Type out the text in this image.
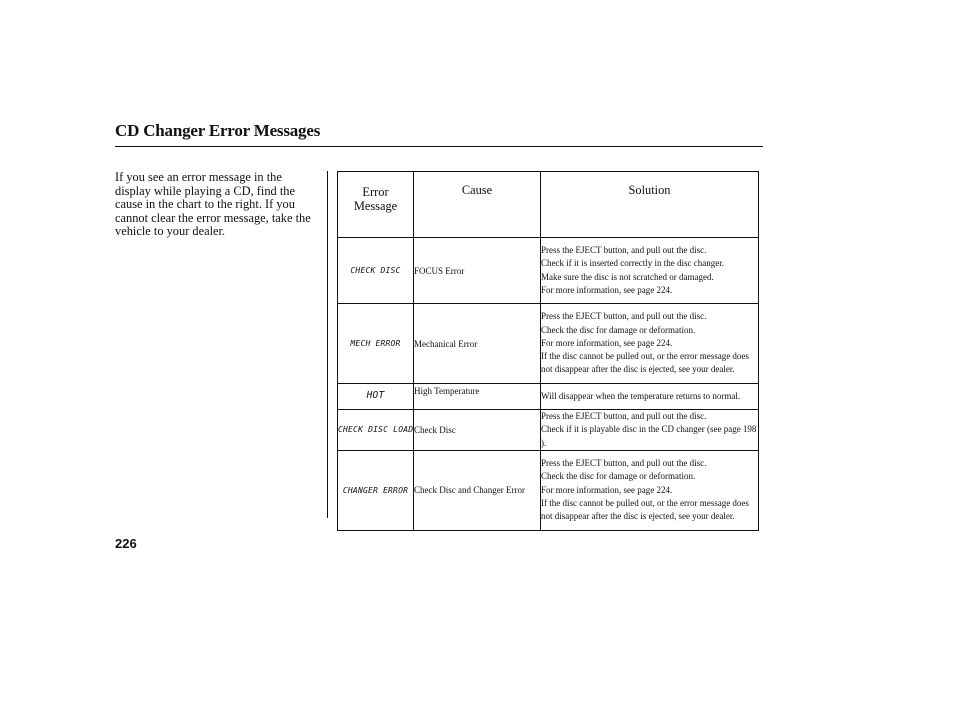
CD Changer Error Messages
If you see an error message in the display while playing a CD, find the cause in the chart to the right. If you cannot clear the error message, take the vehicle to your dealer.
Error
Message	Cause	Solution
CHECK DISC	FOCUS Error	Press the EJECT button, and pull out the disc.
Check if it is inserted correctly in the disc changer.
Make sure the disc is not scratched or damaged.
For more information, see page 224.

MECH ERROR	Mechanical Error	Press the EJECT button, and pull out the disc.
Check the disc for damage or deformation.
For more information, see page 224.
If the disc cannot be pulled out, or the error message does not disappear after the disc is ejected, see your dealer.

HOT	High Temperature	Will disappear when the temperature returns to normal.

CHECK DISC LOAD	Check Disc	Press the EJECT button, and pull out the disc.
Check if it is playable disc in the CD changer (see page 198 ).

CHANGER ERROR	Check Disc and Changer Error	Press the EJECT button, and pull out the disc.
Check the disc for damage or deformation.
For more information, see page 224.
If the disc cannot be pulled out, or the error message does not disappear after the disc is ejected, see your dealer.
226
